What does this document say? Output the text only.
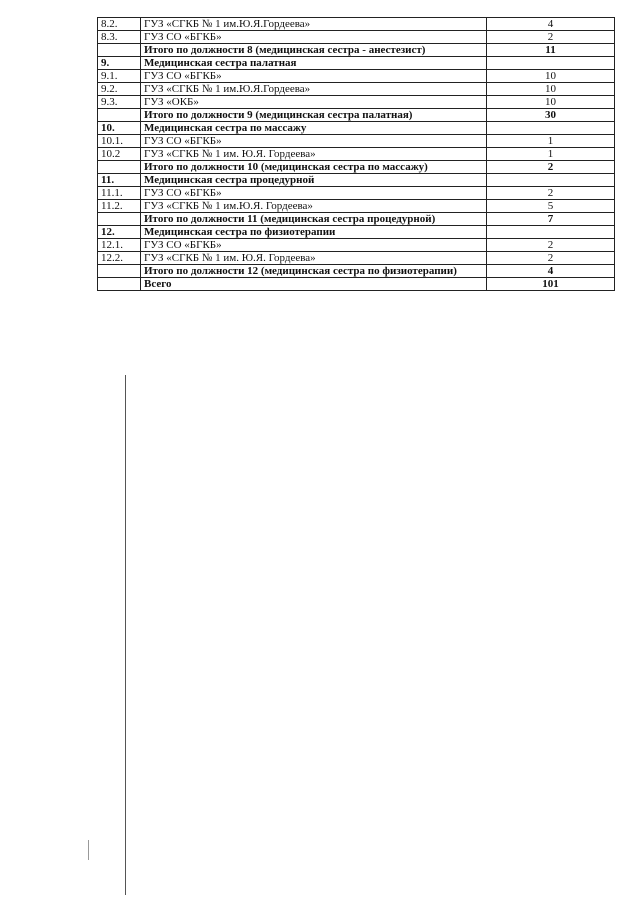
8.2.	ГУЗ «СГКБ № 1 им.Ю.Я.Гордеева»	4
8.3.	ГУЗ СО «БГКБ»	2
	Итого по должности 8 (медицинская сестра - анестезист)	11
9.	Медицинская сестра палатная	
9.1.	ГУЗ СО «БГКБ»	10
9.2.	ГУЗ «СГКБ № 1 им.Ю.Я.Гордеева»	10
9.3.	ГУЗ «ОКБ»	10
	Итого по должности 9 (медицинская сестра палатная)	30
10.	Медицинская сестра по массажу	
10.1.	ГУЗ СО «БГКБ»	1
10.2	ГУЗ «СГКБ № 1 им. Ю.Я. Гордеева»	1
	Итого по должности 10 (медицинская сестра по массажу)	2
11.	Медицинская сестра процедурной	
11.1.	ГУЗ СО «БГКБ»	2
11.2.	ГУЗ «СГКБ № 1 им.Ю.Я. Гордеева»	5
	Итого по должности 11 (медицинская сестра процедурной)	7
12.	Медицинская сестра по физиотерапии	
12.1.	ГУЗ СО «БГКБ»	2
12.2.	ГУЗ «СГКБ № 1 им. Ю.Я. Гордеева»	2
	Итого по должности 12 (медицинская сестра по физиотерапии)	4
	Всего	101
